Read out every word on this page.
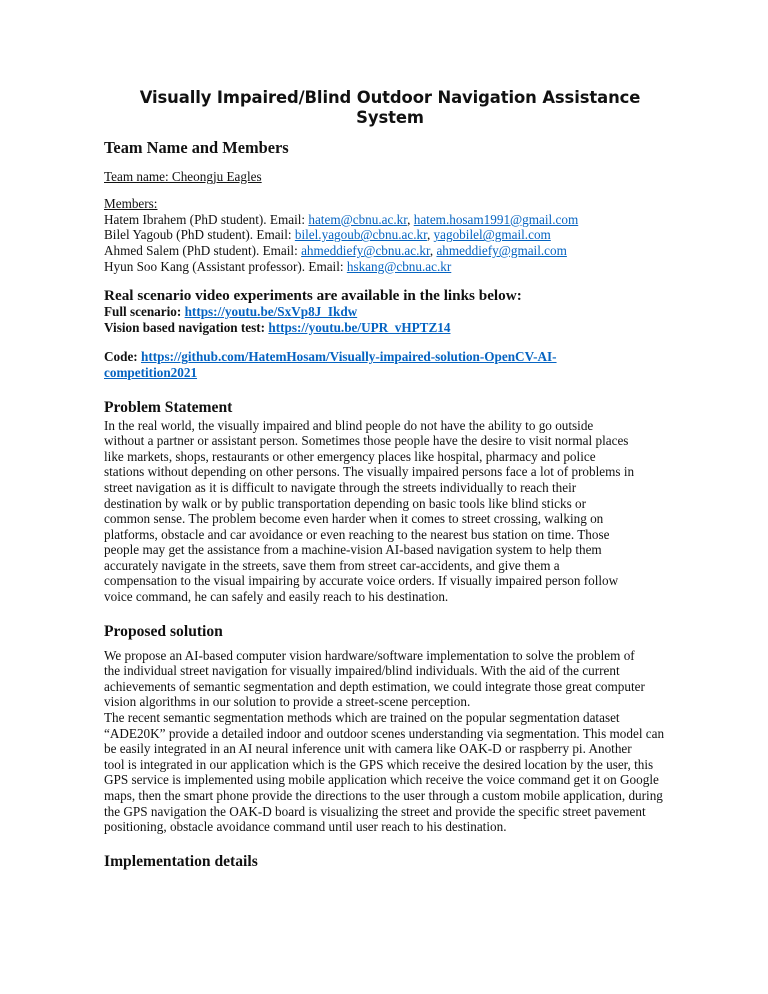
Visually Impaired/Blind Outdoor Navigation Assistance System
Team Name and Members
Team name: Cheongju Eagles
Members:
Hatem Ibrahem (PhD student). Email: hatem@cbnu.ac.kr, hatem.hosam1991@gmail.com
Bilel Yagoub (PhD student). Email: bilel.yagoub@cbnu.ac.kr, yagobilel@gmail.com
Ahmed Salem (PhD student). Email: ahmeddiefy@cbnu.ac.kr, ahmeddiefy@gmail.com
Hyun Soo Kang (Assistant professor). Email: hskang@cbnu.ac.kr
Real scenario video experiments are available in the links below:
Full scenario: https://youtu.be/SxVp8J_Ikdw
Vision based navigation test: https://youtu.be/UPR_vHPTZ14
Code: https://github.com/HatemHosam/Visually-impaired-solution-OpenCV-AI-
competition2021
Problem Statement
In the real world, the visually impaired and blind people do not have the ability to go outside
without a partner or assistant person. Sometimes those people have the desire to visit normal places
like markets, shops, restaurants or other emergency places like hospital, pharmacy and police
stations without depending on other persons. The visually impaired persons face a lot of problems in
street navigation as it is difficult to navigate through the streets individually to reach their
destination by walk or by public transportation depending on basic tools like blind sticks or
common sense. The problem become even harder when it comes to street crossing, walking on
platforms, obstacle and car avoidance or even reaching to the nearest bus station on time. Those
people may get the assistance from a machine-vision AI-based navigation system to help them
accurately navigate in the streets, save them from street car-accidents, and give them a
compensation to the visual impairing by accurate voice orders. If visually impaired person follow
voice command, he can safely and easily reach to his destination.
Proposed solution
We propose an AI-based computer vision hardware/software implementation to solve the problem of
the individual street navigation for visually impaired/blind individuals. With the aid of the current
achievements of semantic segmentation and depth estimation, we could integrate those great computer
vision algorithms in our solution to provide a street-scene perception.
The recent semantic segmentation methods which are trained on the popular segmentation dataset
“ADE20K” provide a detailed indoor and outdoor scenes understanding via segmentation. This model can
be easily integrated in an AI neural inference unit with camera like OAK-D or raspberry pi. Another
tool is integrated in our application which is the GPS which receive the desired location by the user, this
GPS service is implemented using mobile application which receive the voice command get it on Google
maps, then the smart phone provide the directions to the user through a custom mobile application, during
the GPS navigation the OAK-D board is visualizing the street and provide the specific street pavement
positioning, obstacle avoidance command until user reach to his destination.
Implementation details
